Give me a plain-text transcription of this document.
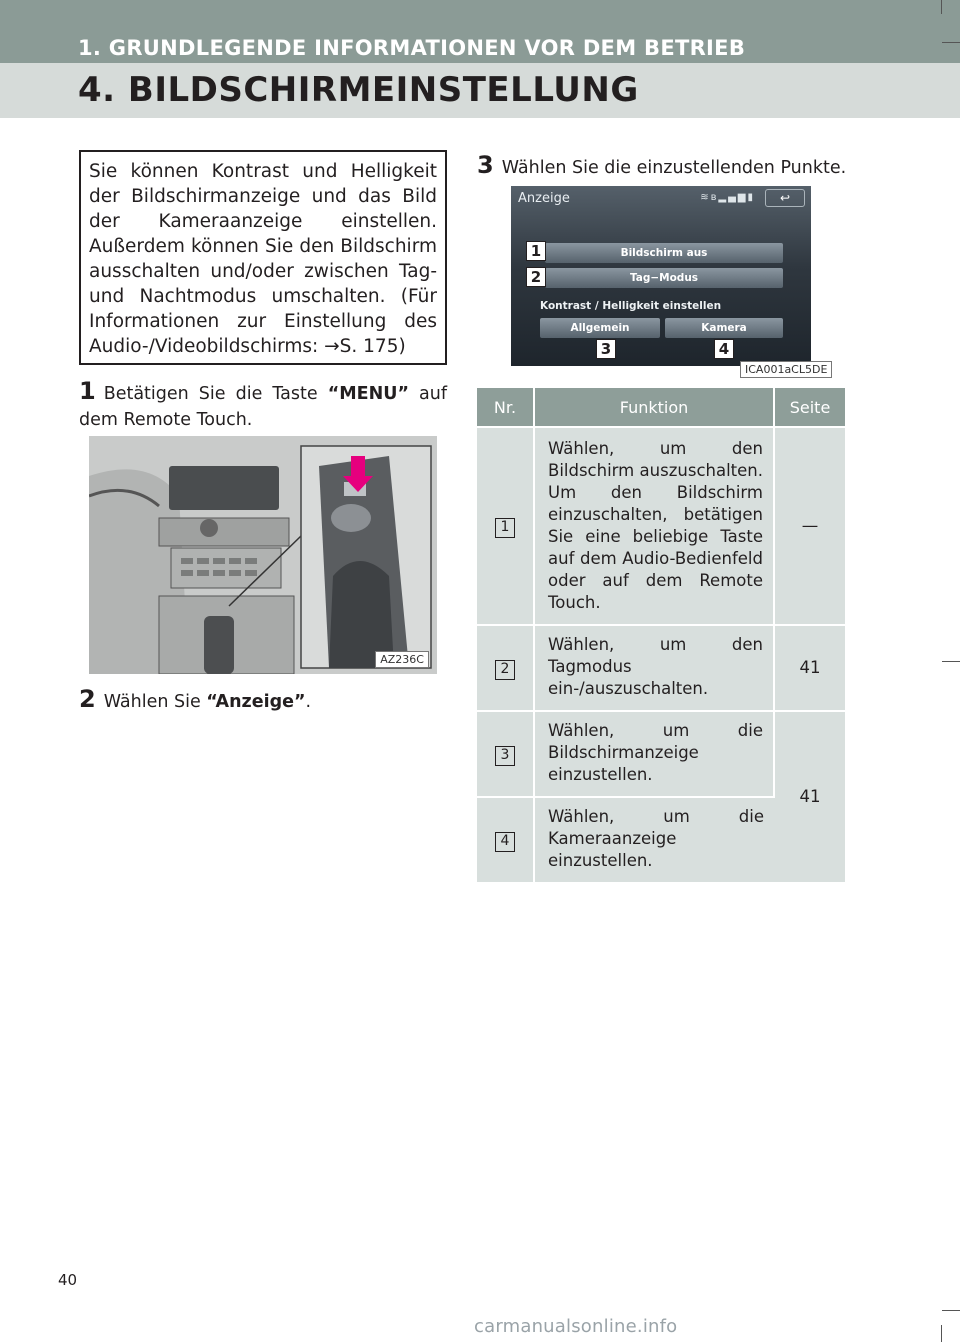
1. GRUNDLEGENDE INFORMATIONEN VOR DEM BETRIEB
4. BILDSCHIRMEINSTELLUNG

Sie können Kontrast und Helligkeit der Bildschirmanzeige und das Bild der Kameraanzeige einstellen. Außerdem können Sie den Bildschirm ausschalten und/oder zwischen Tag- und Nachtmodus umschalten. (Für Informationen zur Einstellung des Audio-/Videobildschirms: →S. 175)

1 Betätigen Sie die Taste “MENU” auf dem Remote Touch.
AZ236C
2 Wählen Sie “Anzeige”.
3 Wählen Sie die einzustellenden Punkte.
Anzeige	≋ʙ▂▄▆▮	↩
Bildschirm aus
Tag−Modus
Kontrast / Helligkeit einstellen
Allgemein	Kamera
1
2
3	4
ICA001aCL5DE
Nr.	Funktion	Seite
1	Wählen, um den Bildschirm auszuschalten. Um den Bildschirm einzuschalten, betätigen Sie eine beliebige Taste auf dem Audio-Bedienfeld oder auf dem Remote Touch.	—
2	Wählen, um den Tagmodus ein-/auszuschalten.	41
3	Wählen, um die Bildschirmanzeige einzustellen.	41
4	Wählen, um die Kameraanzeige einzustellen.	
40
carmanualsonline.info
